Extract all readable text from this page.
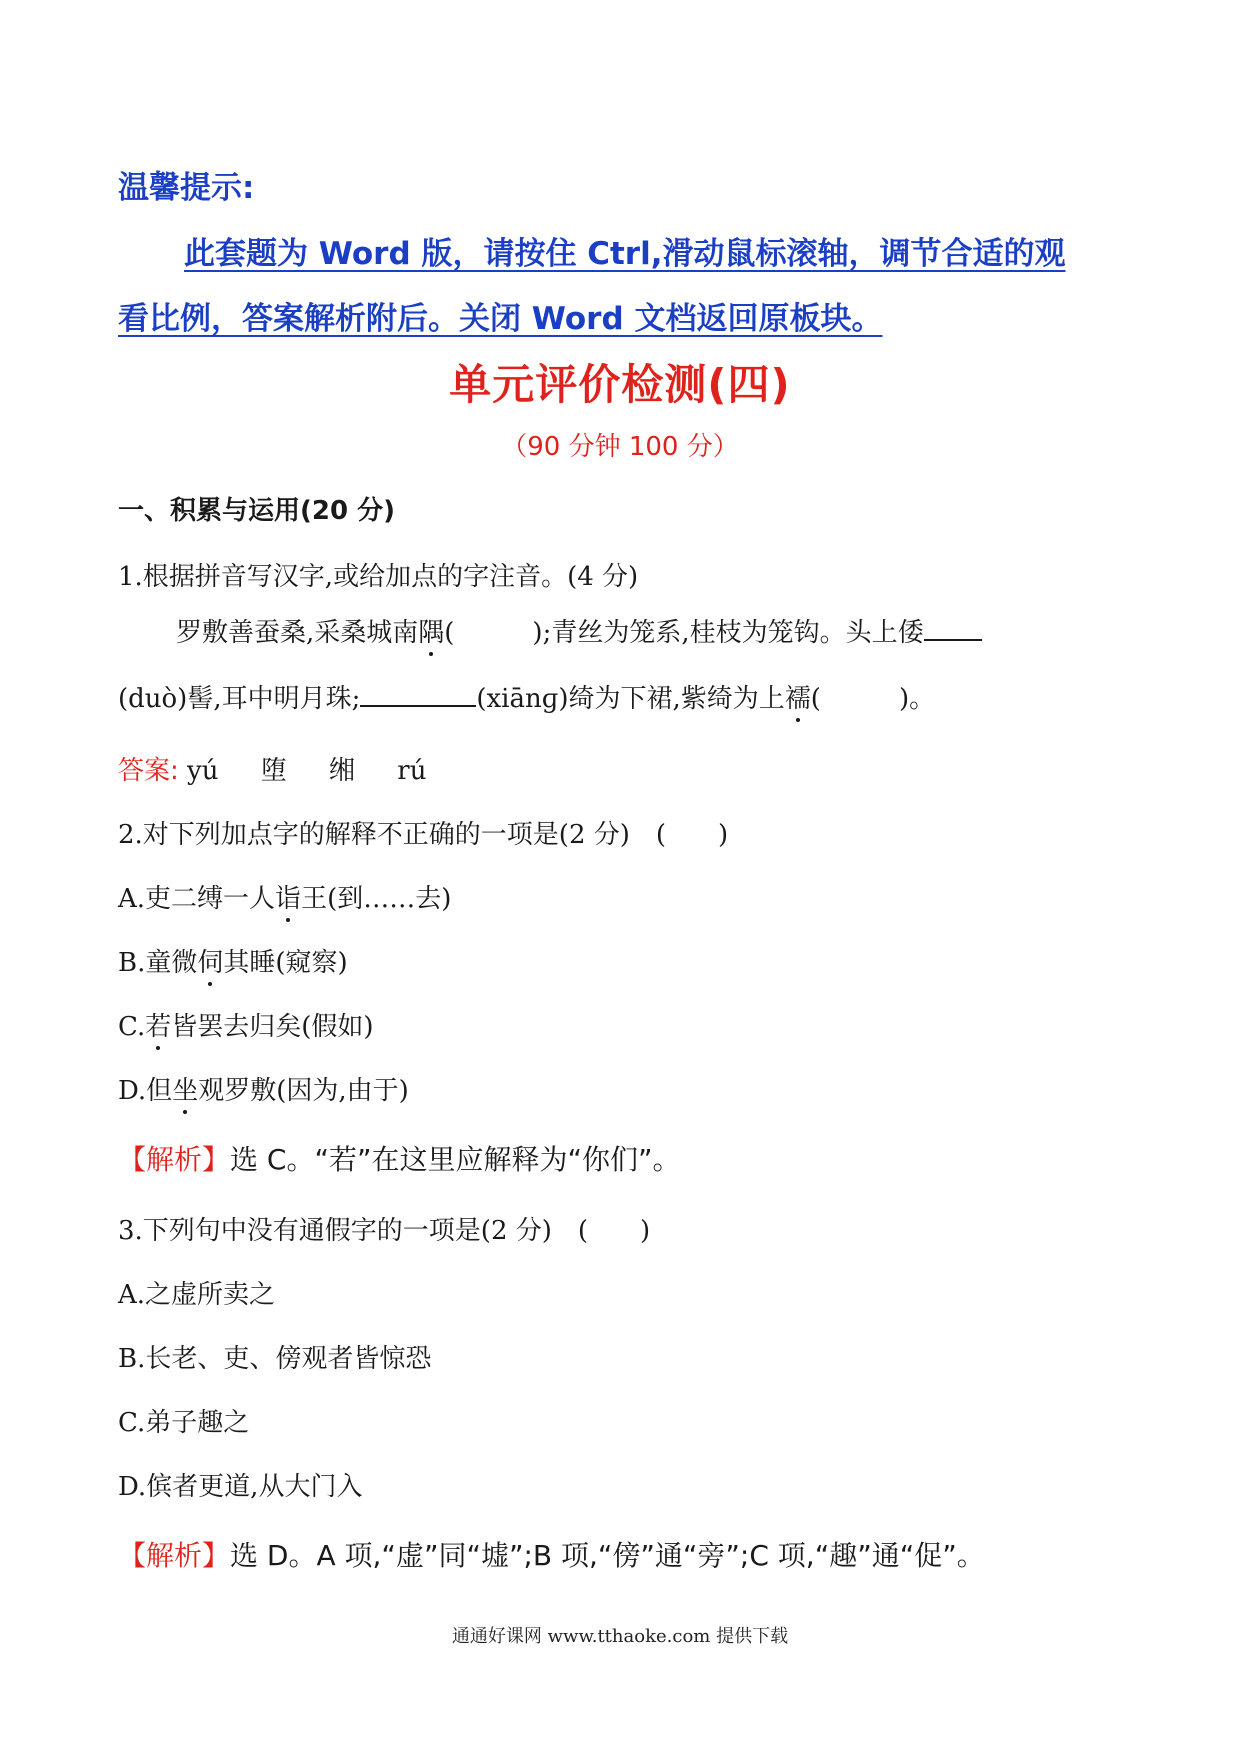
温馨提示:
此套题为 Word 版，请按住 Ctrl,滑动鼠标滚轴，调节合适的观
看比例，答案解析附后。关闭 Word 文档返回原板块。
单元评价检测(四)
（90 分钟 100 分）
一、积累与运用(20 分)
1.根据拼音写汉字,或给加点的字注音。(4 分)
罗敷善蚕桑,采桑城南隅(　　　);青丝为笼系,桂枝为笼钩。头上倭
(duò)髻,耳中明月珠;	(xiānɡ)绮为下裙,紫绮为上襦(　　　)。
答案: yú 堕 缃 rú
2.对下列加点字的解释不正确的一项是(2 分)　(　　)
A.吏二缚一人诣王(到……去)
B.童微伺其睡(窥察)
C.若皆罢去归矣(假如)
D.但坐观罗敷(因为,由于)
【解析】选 C。“若”在这里应解释为“你们”。
3.下列句中没有通假字的一项是(2 分)　(　　)
A.之虚所卖之
B.长老、吏、傍观者皆惊恐
C.弟子趣之
D.傧者更道,从大门入
【解析】选 D。A 项,“虚”同“墟”;B 项,“傍”通“旁”;C 项,“趣”通“促”。
通通好课网 www.tthaoke.com 提供下载
